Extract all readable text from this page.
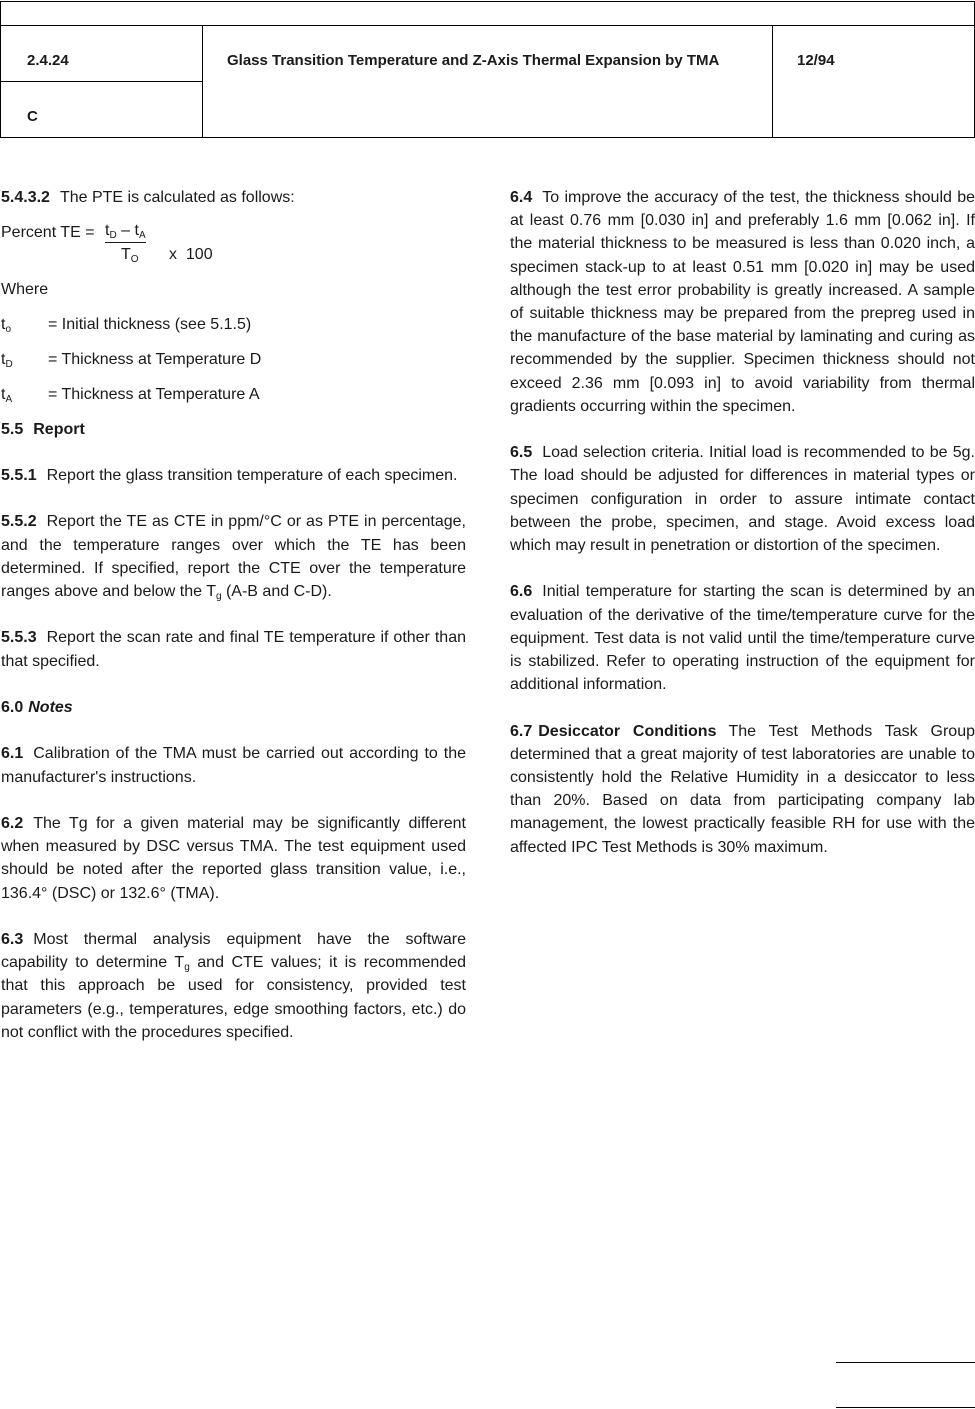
2.4.24
C
Glass Transition Temperature and Z-Axis Thermal Expansion by TMA	12/94

5.4.3.2 The PTE is calculated as follows:

Percent TE = $t_D - t_A$
$T_O$ x  100

Where

$t_o$	= Initial thickness (see 5.1.5)
$t_D$	= Thickness at Temperature D
$t_A$	= Thickness at Temperature A

5.5 Report

5.5.1 Report the glass transition temperature of each specimen.

5.5.2 Report the TE as CTE in ppm/°C or as PTE in percentage, and the temperature ranges over which the TE has been determined. If specified, report the CTE over the temperature ranges above and below the $T_g$ (A-B and C-D).

5.5.3 Report the scan rate and final TE temperature if other than that specified.

6.0 Notes

6.1 Calibration of the TMA must be carried out according to the manufacturer's instructions.

6.2 The Tg for a given material may be significantly different when measured by DSC versus TMA. The test equipment used should be noted after the reported glass transition value, i.e., 136.4° (DSC) or 132.6° (TMA).

6.3 Most thermal analysis equipment have the software capability to determine $T_g$ and CTE values; it is recommended that this approach be used for consistency, provided test parameters (e.g., temperatures, edge smoothing factors, etc.) do not conflict with the procedures specified.

6.4 To improve the accuracy of the test, the thickness should be at least 0.76 mm [0.030 in] and preferably 1.6 mm [0.062 in]. If the material thickness to be measured is less than 0.020 inch, a specimen stack-up to at least 0.51 mm [0.020 in] may be used although the test error probability is greatly increased. A sample of suitable thickness may be prepared from the prepreg used in the manufacture of the base material by laminating and curing as recommended by the supplier. Specimen thickness should not exceed 2.36 mm [0.093 in] to avoid variability from thermal gradients occurring within the specimen.

6.5 Load selection criteria. Initial load is recommended to be 5g. The load should be adjusted for differences in material types or specimen configuration in order to assure intimate contact between the probe, specimen, and stage. Avoid excess load which may result in penetration or distortion of the specimen.

6.6 Initial temperature for starting the scan is determined by an evaluation of the derivative of the time/temperature curve for the equipment. Test data is not valid until the time/temperature curve is stabilized. Refer to operating instruction of the equipment for additional information.

6.7 Desiccator Conditions The Test Methods Task Group determined that a great majority of test laboratories are unable to consistently hold the Relative Humidity in a desiccator to less than 20%. Based on data from participating company lab management, the lowest practically feasible RH for use with the affected IPC Test Methods is 30% maximum.
